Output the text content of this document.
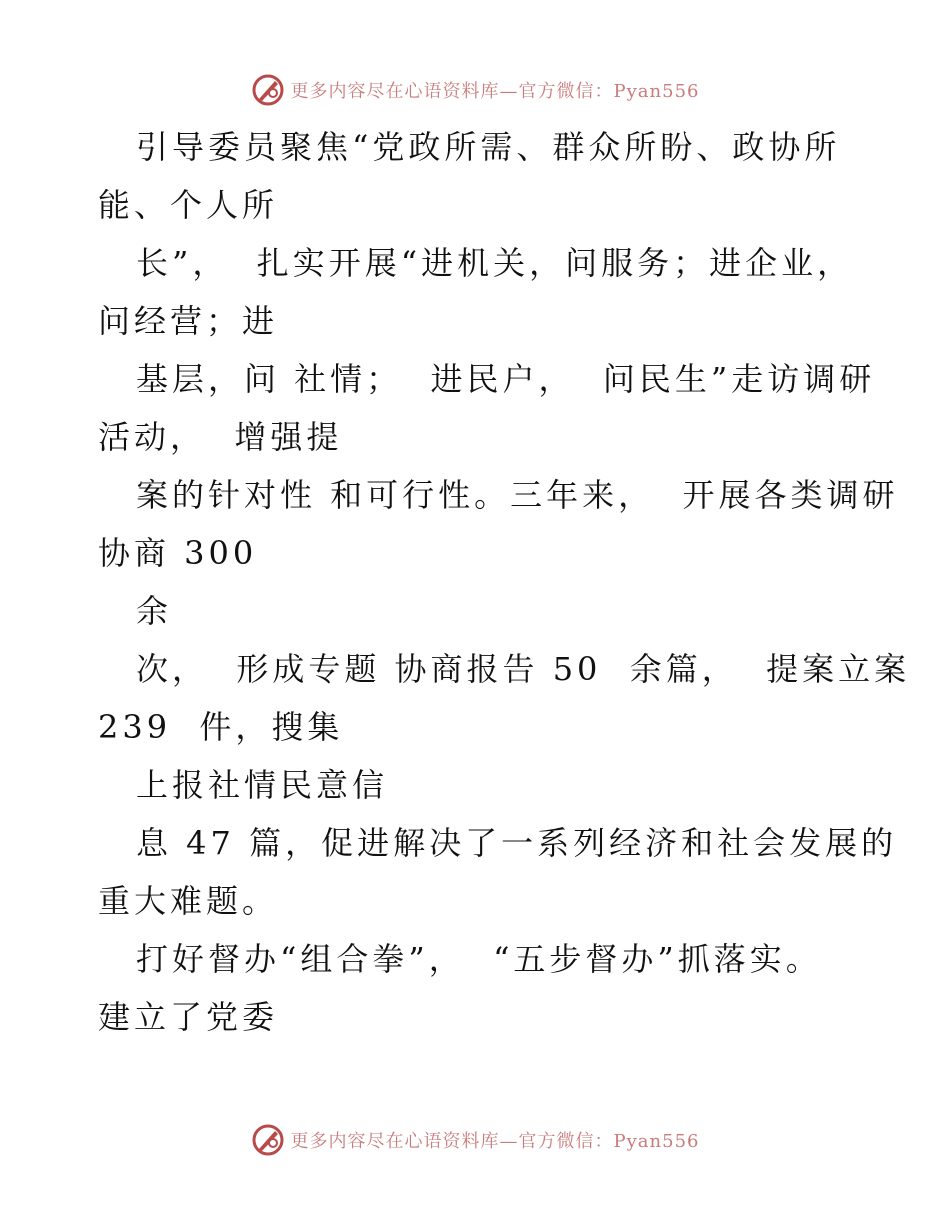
更多内容尽在心语资料库—官方微信：Pyan556
引导委员聚焦“党政所需、群众所盼、政协所
能、个人所
长”，  扎实开展“进机关，问服务；进企业，
问经营；进
基层，问 社情；  进民户，  问民生”走访调研
活动，  增强提
案的针对性 和可行性。三年来，  开展各类调研
协商 300
余
次，  形成专题 协商报告 50  余篇，  提案立案
239  件，搜集
上报社情民意信
息 47 篇，促进解决了一系列经济和社会发展的
重大难题。
打好督办“组合拳”，  “五步督办”抓落实。
建立了党委
更多内容尽在心语资料库—官方微信：Pyan556
